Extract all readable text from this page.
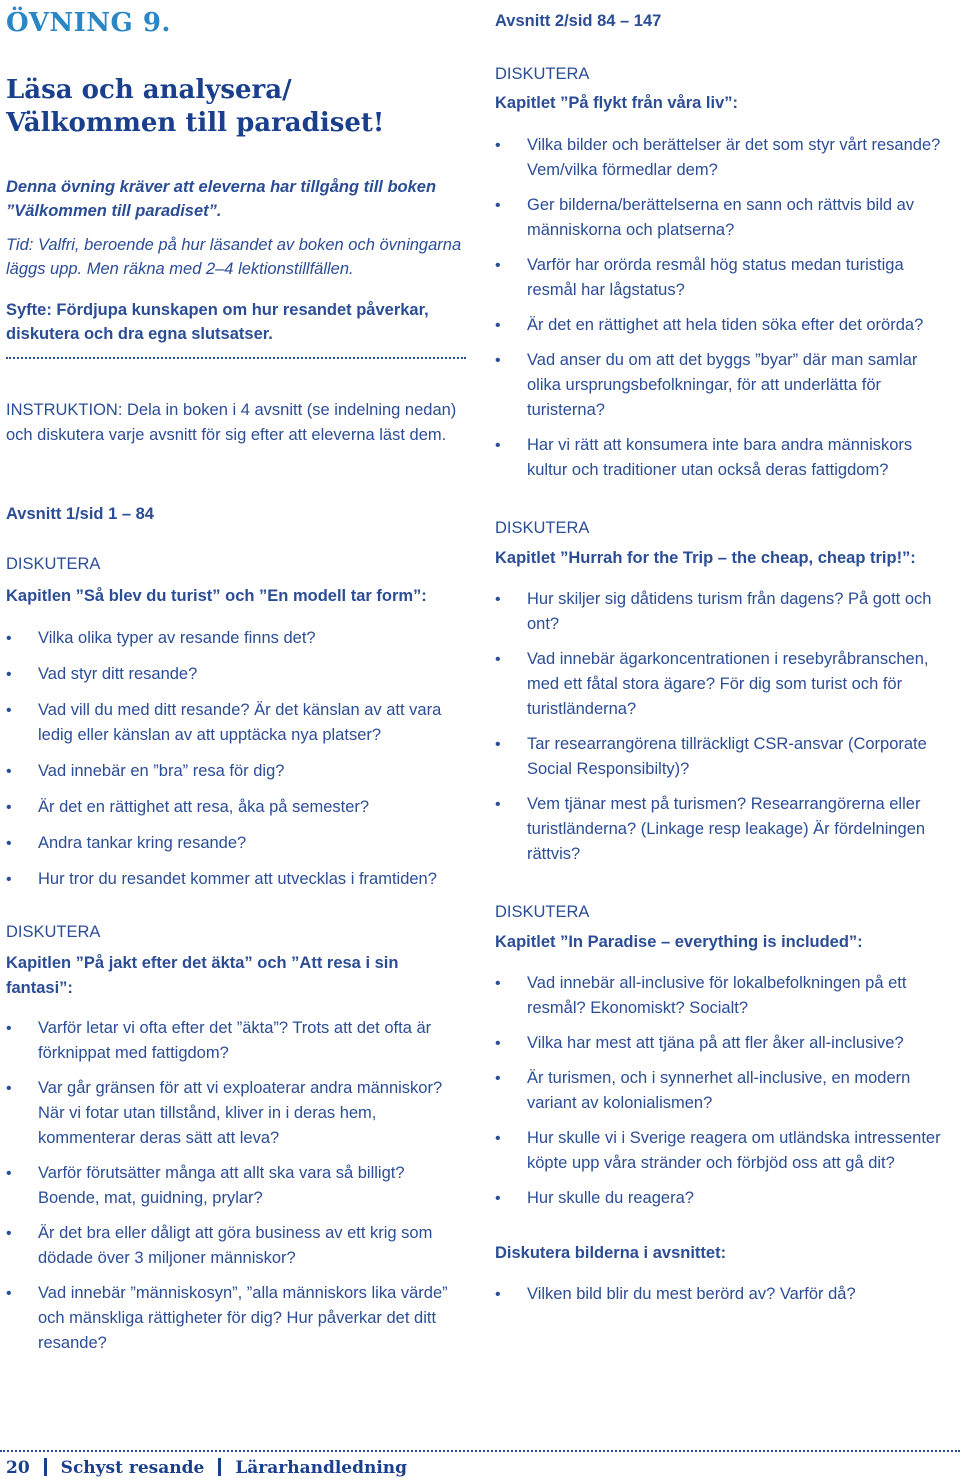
ÖVNING 9.
Läsa och analysera/
Välkommen till paradiset!
Denna övning kräver att eleverna har tillgång till boken ”Välkommen till paradiset”.
Tid: Valfri, beroende på hur läsandet av boken och övningarna läggs upp. Men räkna med 2–4 lektionstillfällen.
Syfte: Fördjupa kunskapen om hur resandet påverkar, diskutera och dra egna slutsatser.
INSTRUKTION: Dela in boken i 4 avsnitt (se indelning nedan) och diskutera varje avsnitt för sig efter att eleverna läst dem.
Avsnitt 1/sid 1 – 84
DISKUTERA
Kapitlen ”Så blev du turist” och ”En modell tar form”:
• Vilka olika typer av resande finns det?
• Vad styr ditt resande?
• Vad vill du med ditt resande? Är det känslan av att vara ledig eller känslan av att upptäcka nya platser?
• Vad innebär en ”bra” resa för dig?
• Är det en rättighet att resa, åka på semester?
• Andra tankar kring resande?
• Hur tror du resandet kommer att utvecklas i framtiden?
DISKUTERA
Kapitlen ”På jakt efter det äkta” och ”Att resa i sin fantasi”:
• Varför letar vi ofta efter det ”äkta”? Trots att det ofta är förknippat med fattigdom?
• Var går gränsen för att vi exploaterar andra människor? När vi fotar utan tillstånd, kliver in i deras hem, kommenterar deras sätt att leva?
• Varför förutsätter många att allt ska vara så billigt? Boende, mat, guidning, prylar?
• Är det bra eller dåligt att göra business av ett krig som dödade över 3 miljoner människor?
• Vad innebär ”människosyn”, ”alla människors lika värde” och mänskliga rättigheter för dig? Hur påverkar det ditt resande?
Avsnitt 2/sid 84 – 147
DISKUTERA
Kapitlet ”På flykt från våra liv”:
• Vilka bilder och berättelser är det som styr vårt resande? Vem/vilka förmedlar dem?
• Ger bilderna/berättelserna en sann och rättvis bild av människorna och platserna?
• Varför har orörda resmål hög status medan turistiga resmål har lågstatus?
• Är det en rättighet att hela tiden söka efter det orörda?
• Vad anser du om att det byggs ”byar” där man samlar olika ursprungsbefolkningar, för att underlätta för turisterna?
• Har vi rätt att konsumera inte bara andra människors kultur och traditioner utan också deras fattigdom?
DISKUTERA
Kapitlet ”Hurrah for the Trip – the cheap, cheap trip!”:
• Hur skiljer sig dåtidens turism från dagens? På gott och ont?
• Vad innebär ägarkoncentrationen i resebyråbranschen, med ett fåtal stora ägare? För dig som turist och för turistländerna?
• Tar researrangörena tillräckligt CSR-ansvar (Corporate Social Responsibilty)?
• Vem tjänar mest på turismen? Researrangörerna eller turistländerna? (Linkage resp leakage) Är fördelningen rättvis?
DISKUTERA
Kapitlet ”In Paradise – everything is included”:
• Vad innebär all-inclusive för lokalbefolkningen på ett resmål? Ekonomiskt? Socialt?
• Vilka har mest att tjäna på att fler åker all-inclusive?
• Är turismen, och i synnerhet all-inclusive, en modern variant av kolonialismen?
• Hur skulle vi i Sverige reagera om utländska intressenter köpte upp våra stränder och förbjöd oss att gå dit?
• Hur skulle du reagera?
Diskutera bilderna i avsnittet:
• Vilken bild blir du mest berörd av? Varför då?
20 Schyst resande Lärarhandledning
